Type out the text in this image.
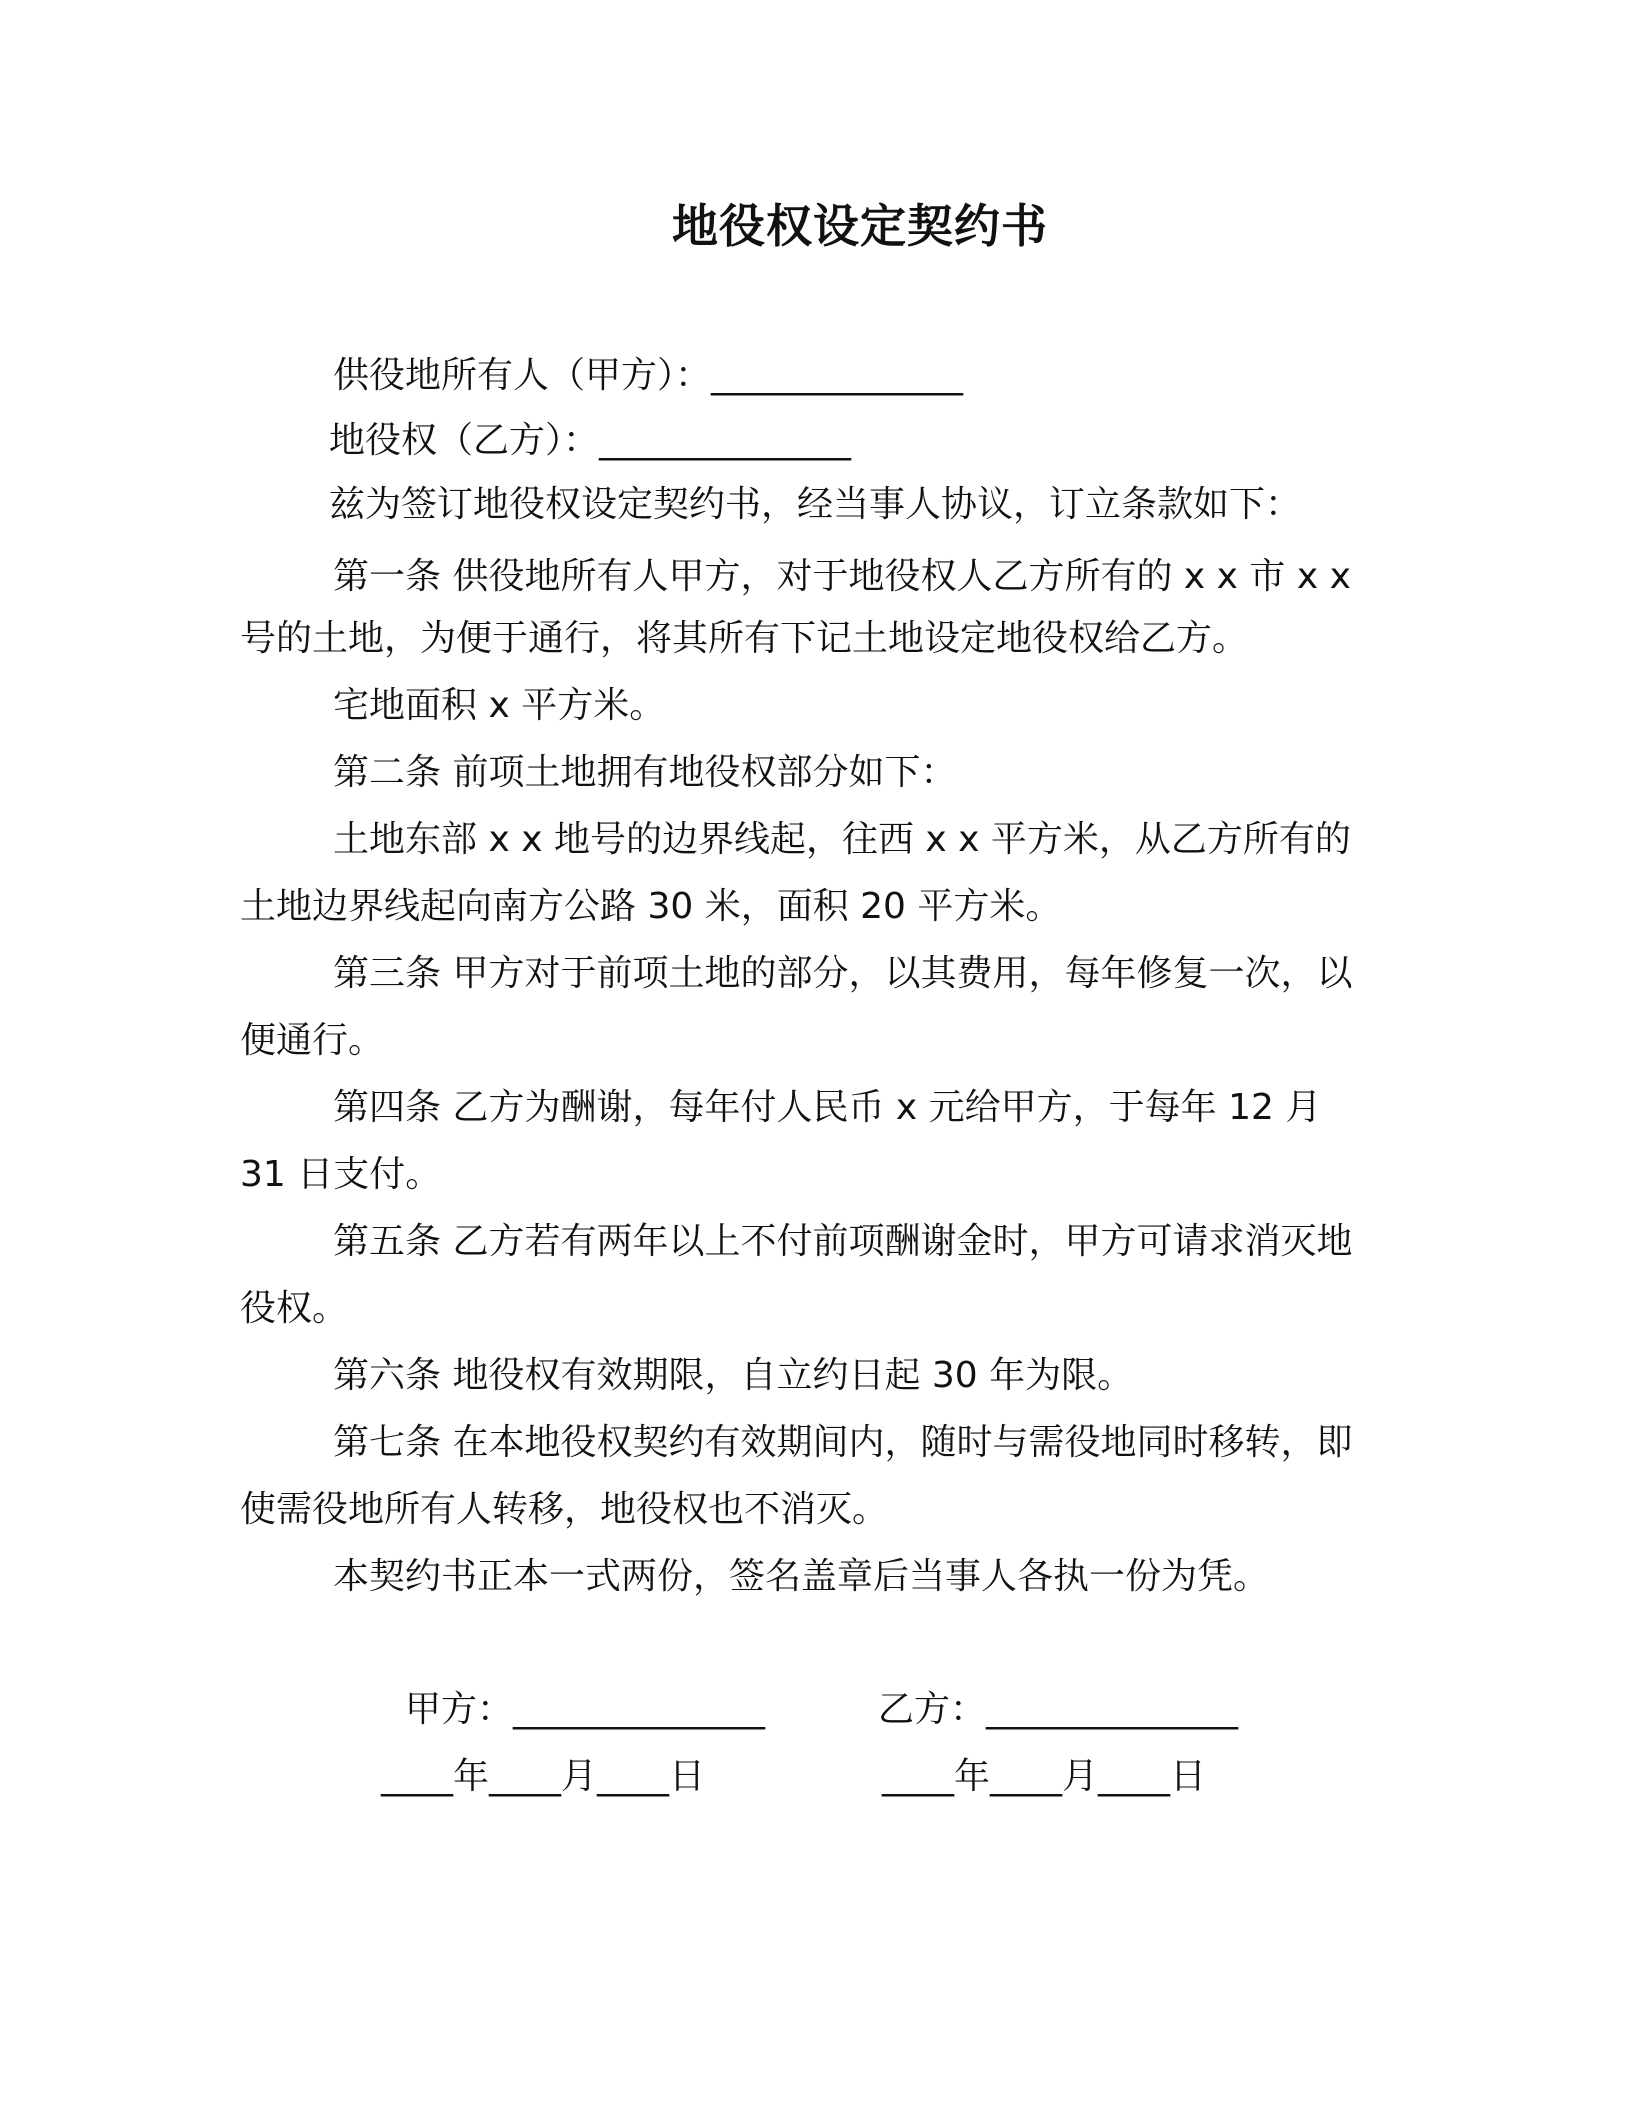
地役权设定契约书
供役地所有人（甲方）：______________
地役权（乙方）：______________
兹为签订地役权设定契约书，经当事人协议，订立条款如下：
第一条 供役地所有人甲方，对于地役权人乙方所有的 x x 市 x x
号的土地，为便于通行，将其所有下记土地设定地役权给乙方。
宅地面积 x 平方米。
第二条 前项土地拥有地役权部分如下：
土地东部 x x 地号的边界线起，往西 x x 平方米，从乙方所有的
土地边界线起向南方公路 30 米，面积 20 平方米。
第三条 甲方对于前项土地的部分，以其费用，每年修复一次，以
便通行。
第四条 乙方为酬谢，每年付人民币 x 元给甲方，于每年 12 月
31 日支付。
第五条 乙方若有两年以上不付前项酬谢金时，甲方可请求消灭地
役权。
第六条 地役权有效期限，自立约日起 30 年为限。
第七条 在本地役权契约有效期间内，随时与需役地同时移转，即
使需役地所有人转移，地役权也不消灭。
本契约书正本一式两份，签名盖章后当事人各执一份为凭。
甲方：______________	乙方：______________
____年____月____日	____年____月____日
